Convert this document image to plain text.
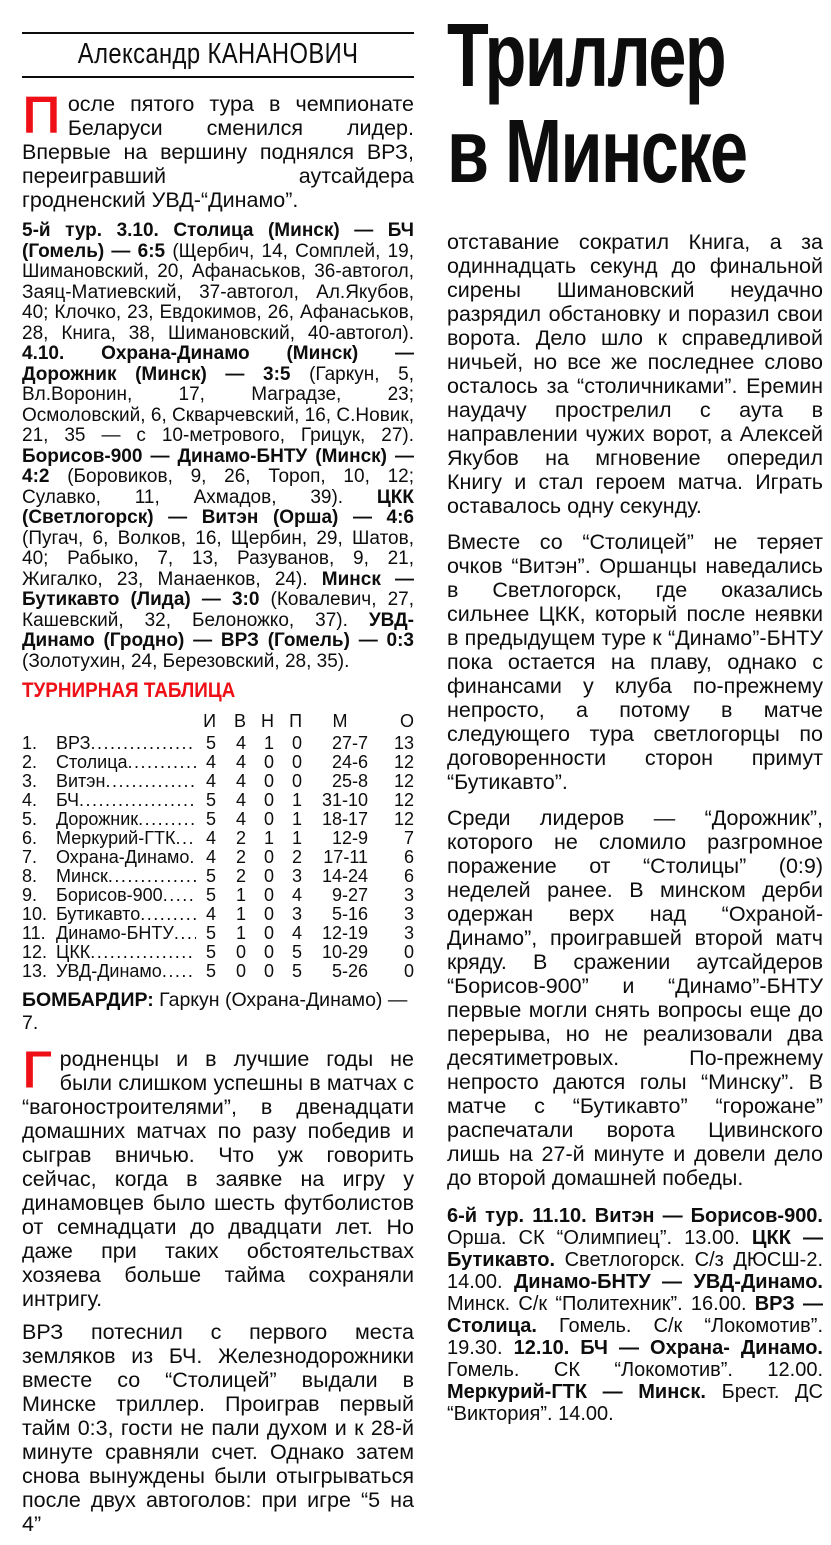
Александр КАНАНОВИЧ

После пятого тура в чемпионате Беларуси сменился лидер. Впервые на вершину поднялся ВРЗ, переигравший аутсайдера гродненский УВД-“Динамо”.

5-й тур. 3.10. Столица (Минск) — БЧ (Гомель) — 6:5 (Щербич, 14, Сомплей, 19, Шимановский, 20, Афанаськов, 36-автогол, Заяц-Матиевский, 37-автогол, Ал.Якубов, 40; Клочко, 23, Евдокимов, 26, Афанаськов, 28, Книга, 38, Шимановский, 40-автогол). 4.10. Охрана-Динамо (Минск) — Дорожник (Минск) — 3:5 (Гаркун, 5, Вл.Воронин, 17, Маградзе, 23; Осмоловский, 6, Скварчевский, 16, С.Новик, 21, 35 — с 10-метрового, Грицук, 27). Борисов-900 — Динамо-БНТУ (Минск) — 4:2 (Боровиков, 9, 26, Тороп, 10, 12; Сулавко, 11, Ахмадов, 39). ЦКК (Светлогорск) — Витэн (Орша) — 4:6 (Пугач, 6, Волков, 16, Щербин, 29, Шатов, 40; Рабыко, 7, 13, Разуванов, 9, 21, Жигалко, 23, Манаенков, 24). Минск — Бутикавто (Лида) — 3:0 (Ковалевич, 27, Кашевский, 32, Белоножко, 37). УВД-Динамо (Гродно) — ВРЗ (Гомель) — 0:3 (Золотухин, 24, Березовский, 28, 35).

ТУРНИРНАЯ ТАБЛИЦА
И В Н П	М	О
1.	ВРЗ .....	5	4 1 0	27-7	13
2.	Столица .....	4	4 0 0	24-6	12
3.	Витэн .....	4	4 0 0	25-8	12
4.	БЧ .....	5	4 0 1	31-10	12
5.	Дорожник .....	5	4 0 1	18-17	12
6.	Меркурий-ГТК .....	4	2 1 1	12-9	7
7.	Охрана-Динамо ..... 4	2 0 2	17-11	6
8.	Минск .....	5	2 0 3	14-24	6
9.	Борисов-900 .....	5	1 0 4	9-27	3
10. Бутикавто .....	4	1 0 3	5-16	3
11. Динамо-БНТУ .....	5	1 0 4	12-19	3
12. ЦКК .....	5	0 0 5	10-29	0
13. УВД-Динамо .....	5	0 0 5	5-26	0

БОМБАРДИР: Гаркун (Охрана-Динамо) — 7.

Гродненцы и в лучшие годы не были слишком успешны в матчах с “вагоностроителями”, в двенадцати домашних матчах по разу победив и сыграв вничью. Что уж говорить сейчас, когда в заявке на игру у динамовцев было шесть футболистов от семнадцати до двадцати лет. Но даже при таких обстоятельствах хозяева больше тайма сохраняли интригу.

ВРЗ потеснил с первого места земляков из БЧ. Железнодорожники вместе со “Столицей” выдали в Минске триллер. Проиграв первый тайм 0:3, гости не пали духом и к 28-й минуте сравняли счет. Однако затем снова вынуждены были отыгрываться после двух автоголов: при игре “5 на 4”

Триллер
в Минске

отставание сократил Книга, а за одиннадцать секунд до финальной сирены Шимановский неудачно разрядил обстановку и поразил свои ворота. Дело шло к справедливой ничьей, но все же последнее слово осталось за “столичниками”. Еремин наудачу прострелил с аута в направлении чужих ворот, а Алексей Якубов на мгновение опередил Книгу и стал героем матча. Играть оставалось одну секунду.

Вместе со “Столицей” не теряет очков “Витэн”. Оршанцы наведались в Светлогорск, где оказались сильнее ЦКК, который после неявки в предыдущем туре к “Динамо”-БНТУ пока остается на плаву, однако с финансами у клуба по-прежнему непросто, а потому в матче следующего тура светлогорцы по договоренности сторон примут “Бутикавто”.

Среди лидеров — “Дорожник”, которого не сломило разгромное поражение от “Столицы” (0:9) неделей ранее. В минском дерби одержан верх над “Охраной-Динамо”, проигравшей второй матч кряду. В сражении аутсайдеров “Борисов-900” и “Динамо”-БНТУ первые могли снять вопросы еще до перерыва, но не реализовали два десятиметровых. По-прежнему непросто даются голы “Минску”. В матче с “Бутикавто” “горожане” распечатали ворота Цивинского лишь на 27-й минуте и довели дело до второй домашней победы.

6-й тур. 11.10. Витэн — Борисов-900. Орша. СК “Олимпиец”. 13.00. ЦКК — Бутикавто. Светлогорск. С/з ДЮСШ-2. 14.00. Динамо-БНТУ — УВД-Динамо. Минск. С/к “Политехник”. 16.00. ВРЗ — Столица. Гомель. С/к “Локомотив”. 19.30. 12.10. БЧ — Охрана- Динамо. Гомель. СК “Локомотив”. 12.00. Меркурий-ГТК — Минск. Брест. ДС “Виктория”. 14.00.
